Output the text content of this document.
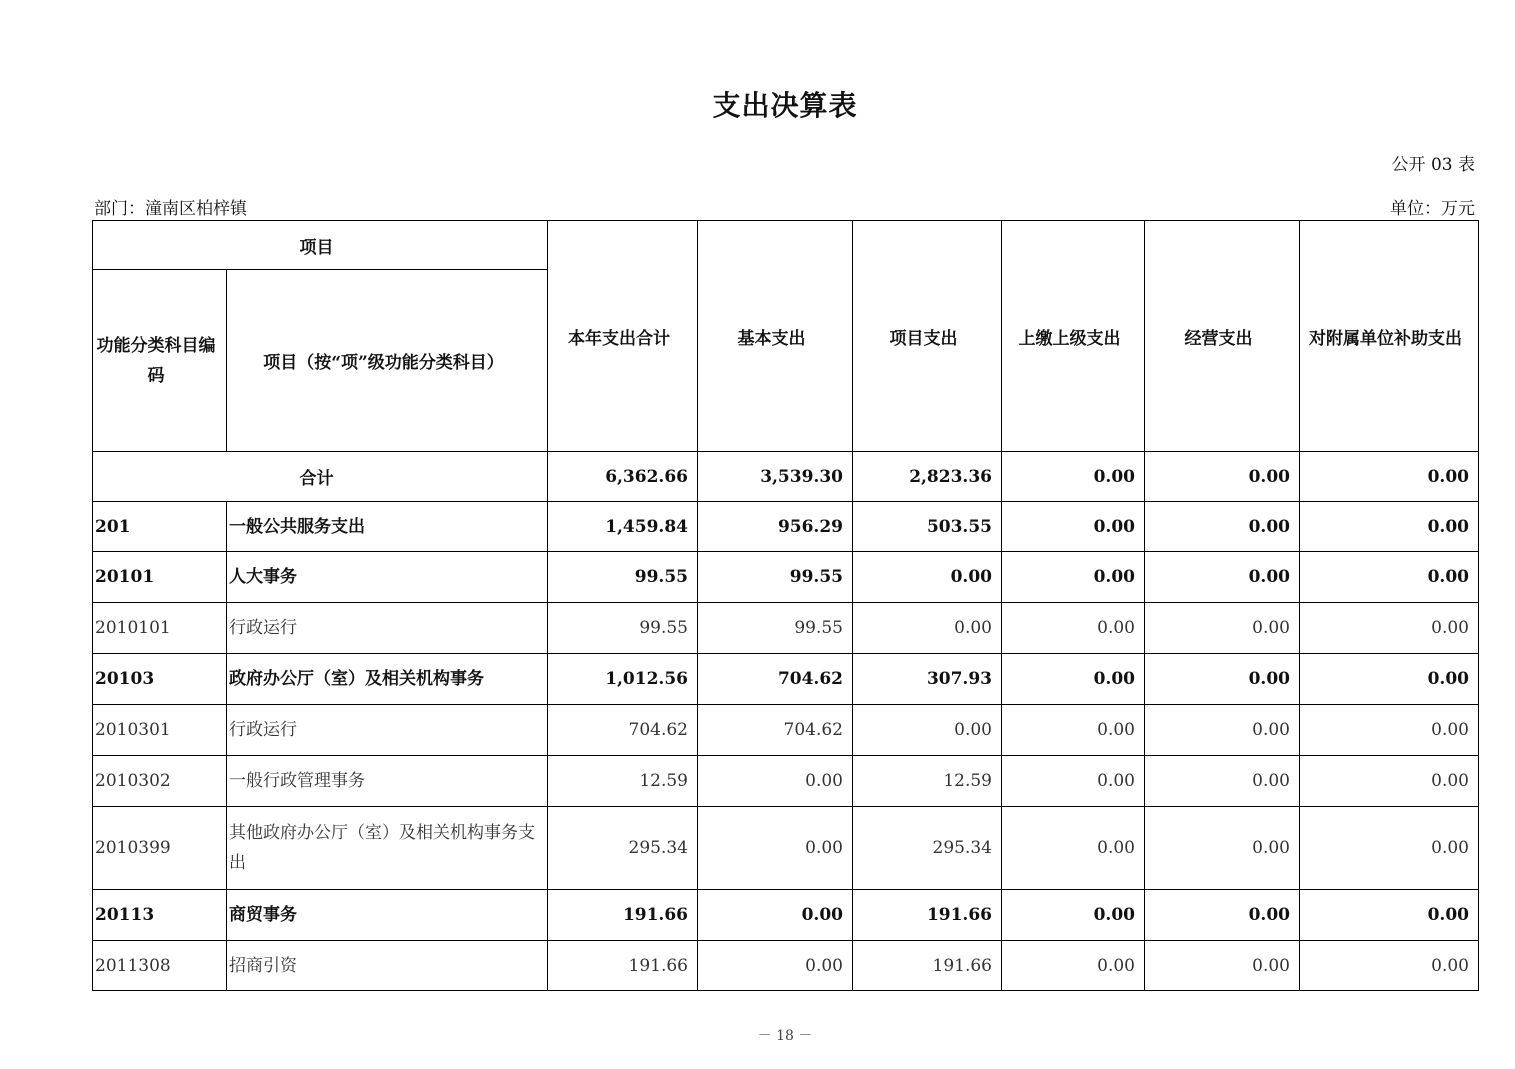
支出决算表
公开 03 表
部门：潼南区柏梓镇	单位：万元
项目		本年支出合计	基本支出	项目支出	上缴上级支出	经营支出	对附属单位补助支出
功能分类科目编码	项目（按“项”级功能分类科目）						
合计		6,362.66	3,539.30	2,823.36	0.00	0.00	0.00
201	一般公共服务支出	1,459.84	956.29	503.55	0.00	0.00	0.00
20101	人大事务	99.55	99.55	0.00	0.00	0.00	0.00
2010101	行政运行	99.55	99.55	0.00	0.00	0.00	0.00
20103	政府办公厅（室）及相关机构事务	1,012.56	704.62	307.93	0.00	0.00	0.00
2010301	行政运行	704.62	704.62	0.00	0.00	0.00	0.00
2010302	一般行政管理事务	12.59	0.00	12.59	0.00	0.00	0.00
2010399	其他政府办公厅（室）及相关机构事务支出	295.34	0.00	295.34	0.00	0.00	0.00
20113	商贸事务	191.66	0.00	191.66	0.00	0.00	0.00
2011308	招商引资	191.66	0.00	191.66	0.00	0.00	0.00
－ 18 －
